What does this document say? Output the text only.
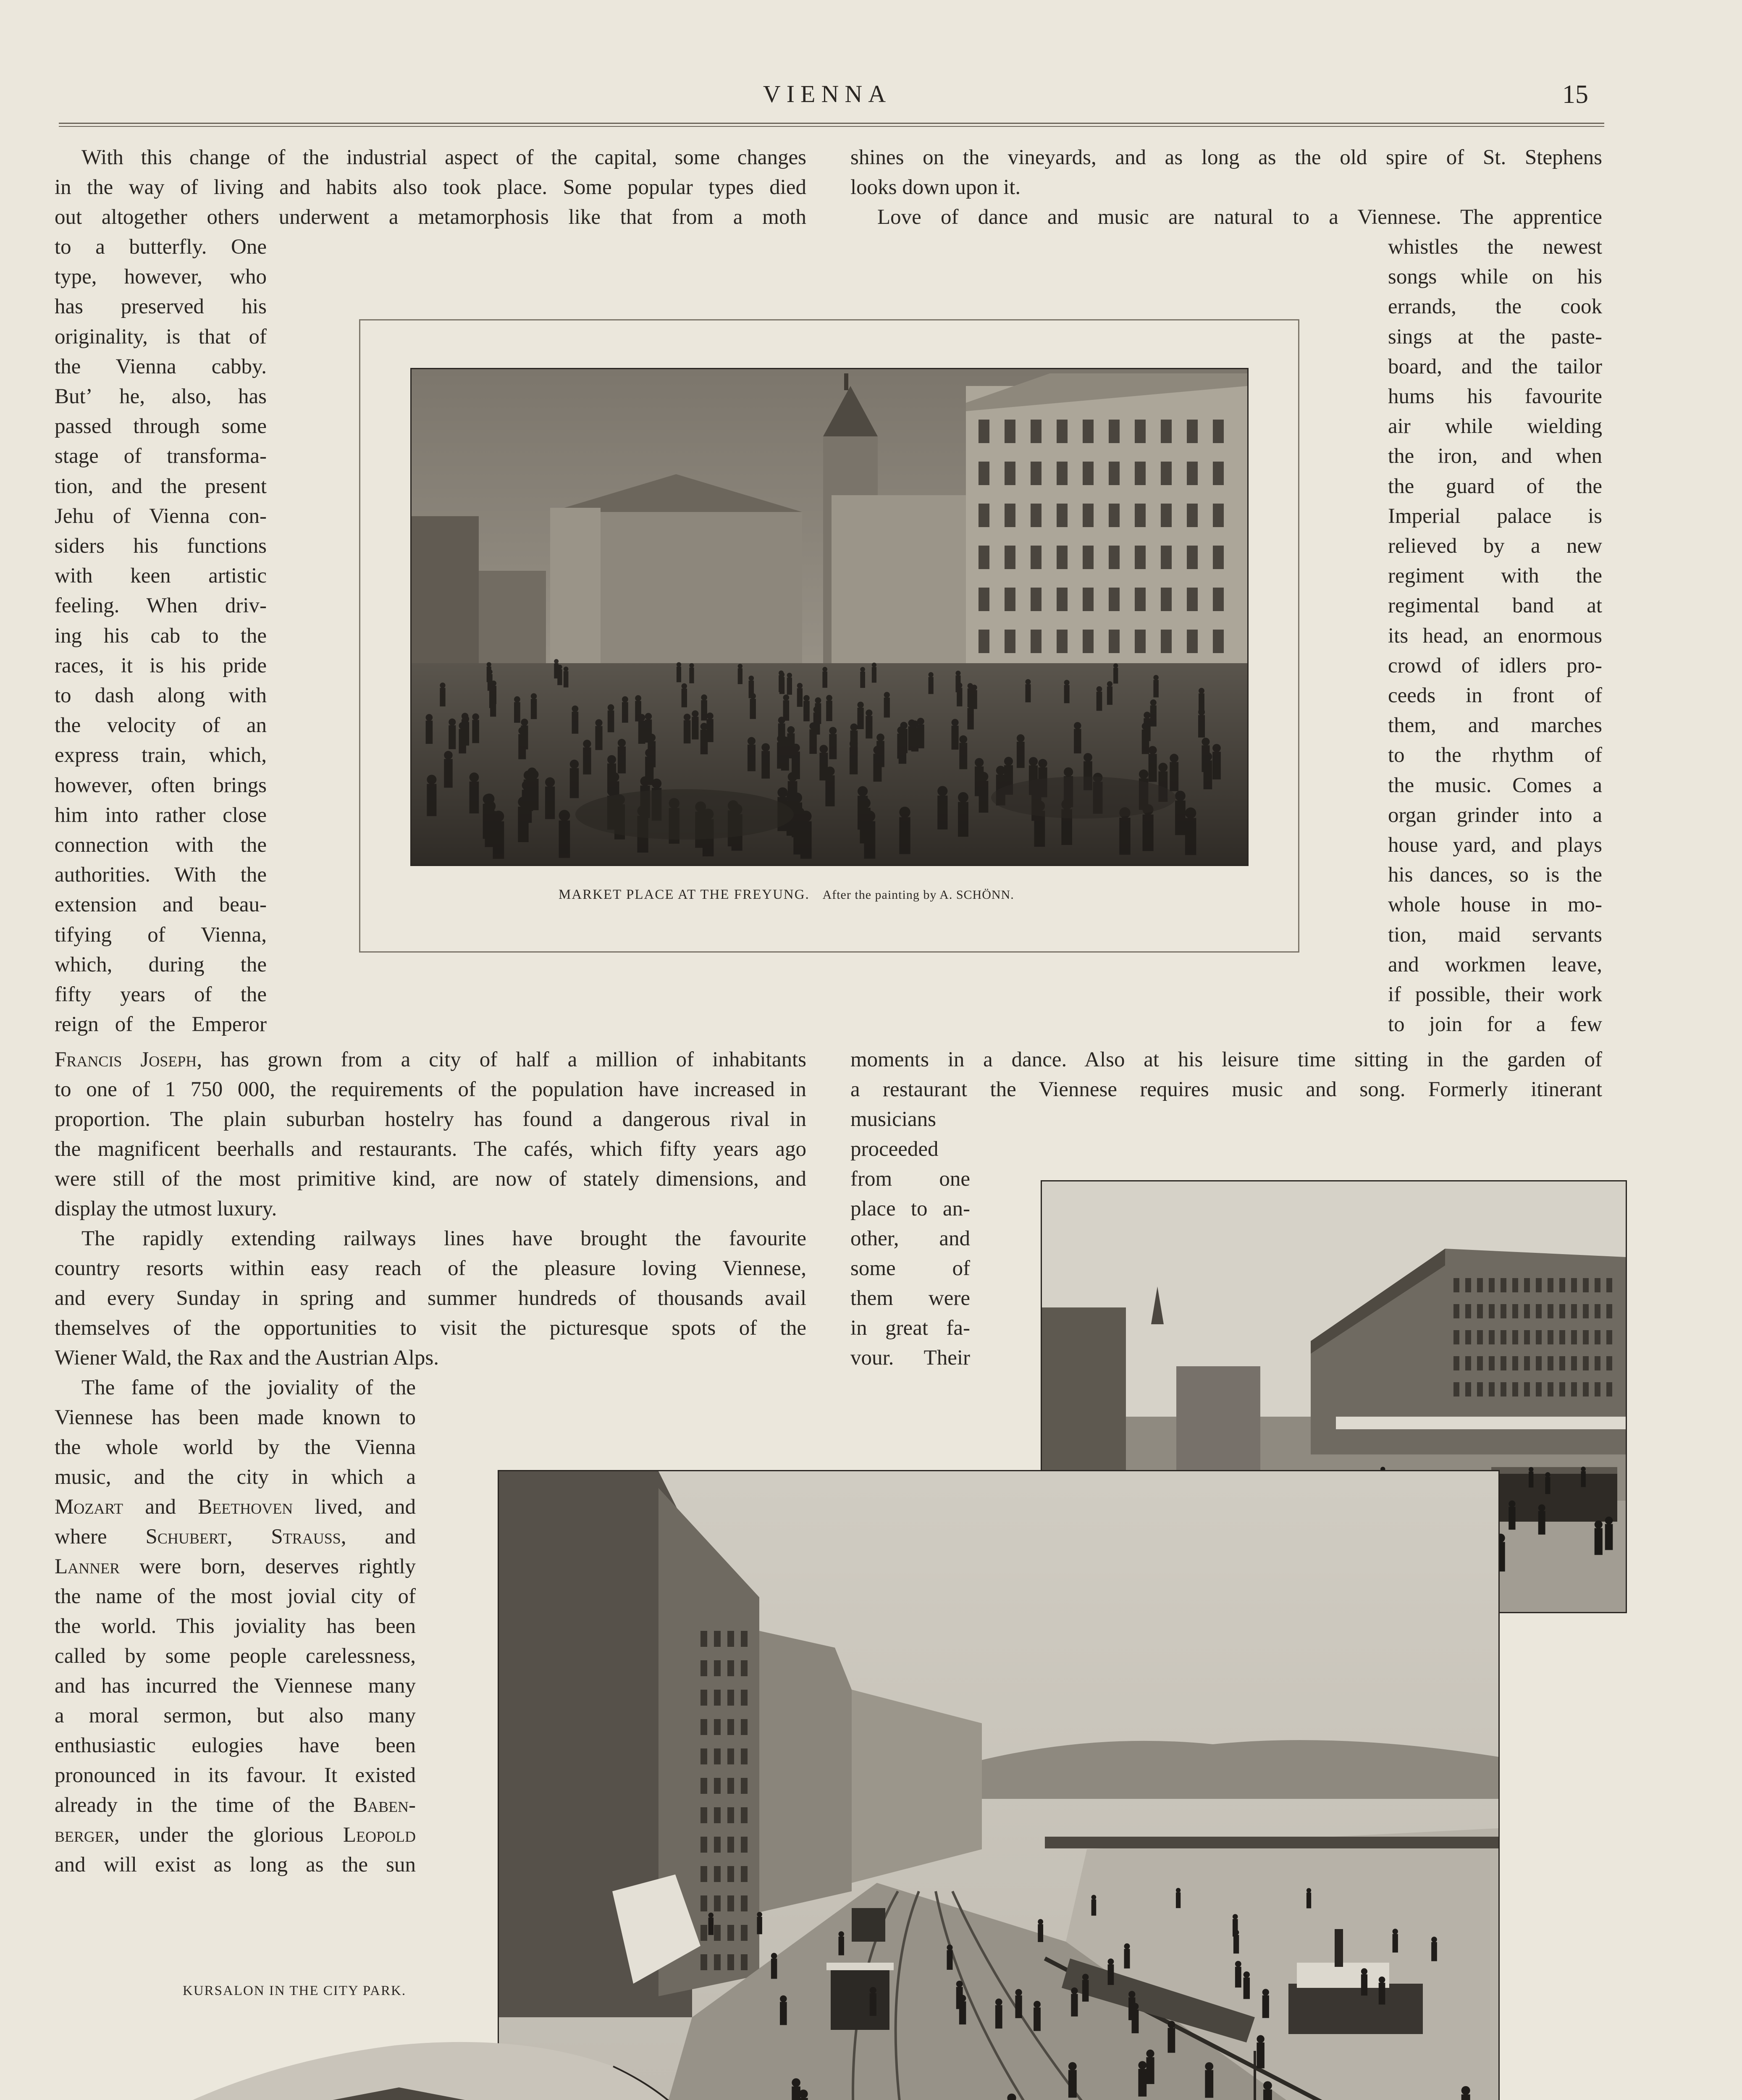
VIENNA	15
With this change of the industrial aspect of the capital, some changes
in the way of living and habits also took place. Some popular types died
out altogether others underwent a metamorphosis like that from a moth
to a butterfly. One
type, however, who
has preserved his
originality, is that of
the Vienna cabby.
Butʼ he, also, has
passed through some
stage of transforma-
tion, and the present
Jehu of Vienna con-
siders his functions
with keen artistic
feeling. When driv-
ing his cab to the
races, it is his pride
to dash along with
the velocity of an
express train, which,
however, often brings
him into rather close
connection with the
authorities. With the
extension and beau-
tifying of Vienna,
which, during the
fifty years of the
reign of the Emperor
Francis Joseph, has grown from a city of half a million of inhabitants
to one of 1 750 000, the requirements of the population have increased in
proportion. The plain suburban hostelry has found a dangerous rival in
the magnificent beerhalls and restaurants. The cafés, which fifty years ago
were still of the most primitive kind, are now of stately dimensions, and
display the utmost luxury.
The rapidly extending railways lines have brought the favourite
country resorts within easy reach of the pleasure loving Viennese,
and every Sunday in spring and summer hundreds of thousands avail
themselves of the opportunities to visit the picturesque spots of the
Wiener Wald, the Rax and the Austrian Alps.
The fame of the joviality of the
Viennese has been made known to
the whole world by the Vienna
music, and the city in which a
Mozart and Beethoven lived, and
where Schubert, Strauss, and
Lanner were born, deserves rightly
the name of the most jovial city of
the world. This joviality has been
called by some people carelessness,
and has incurred the Viennese many
a moral sermon, but also many
enthusiastic eulogies have been
pronounced in its favour. It existed
already in the time of the Baben-
berger, under the glorious Leopold
and will exist as long as the sun
shines on the vineyards, and as long as the old spire of St. Stephens
looks down upon it.
Love of dance and music are natural to a Viennese. The apprentice
whistles the newest
songs while on his
errands, the cook
sings at the paste-
board, and the tailor
hums his favourite
air while wielding
the iron, and when
the guard of the
Imperial palace is
relieved by a new
regiment with the
regimental band at
its head, an enormous
crowd of idlers pro-
ceeds in front of
them, and marches
to the rhythm of
the music. Comes a
organ grinder into a
house yard, and plays
his dances, so is the
whole house in mo-
tion, maid servants
and workmen leave,
if possible, their work
to join for a few
moments in a dance. Also at his leisure time sitting in the garden of
a restaurant the Viennese requires music and song. Formerly itinerant
musicians
proceeded
from one
place to an-
other, and
some of
them were
in great fa-
vour. Their
MARKET PLACE AT THE FREYUNG. After the painting by A. SCHÖNN.
KURSALON IN THE CITY PARK.
